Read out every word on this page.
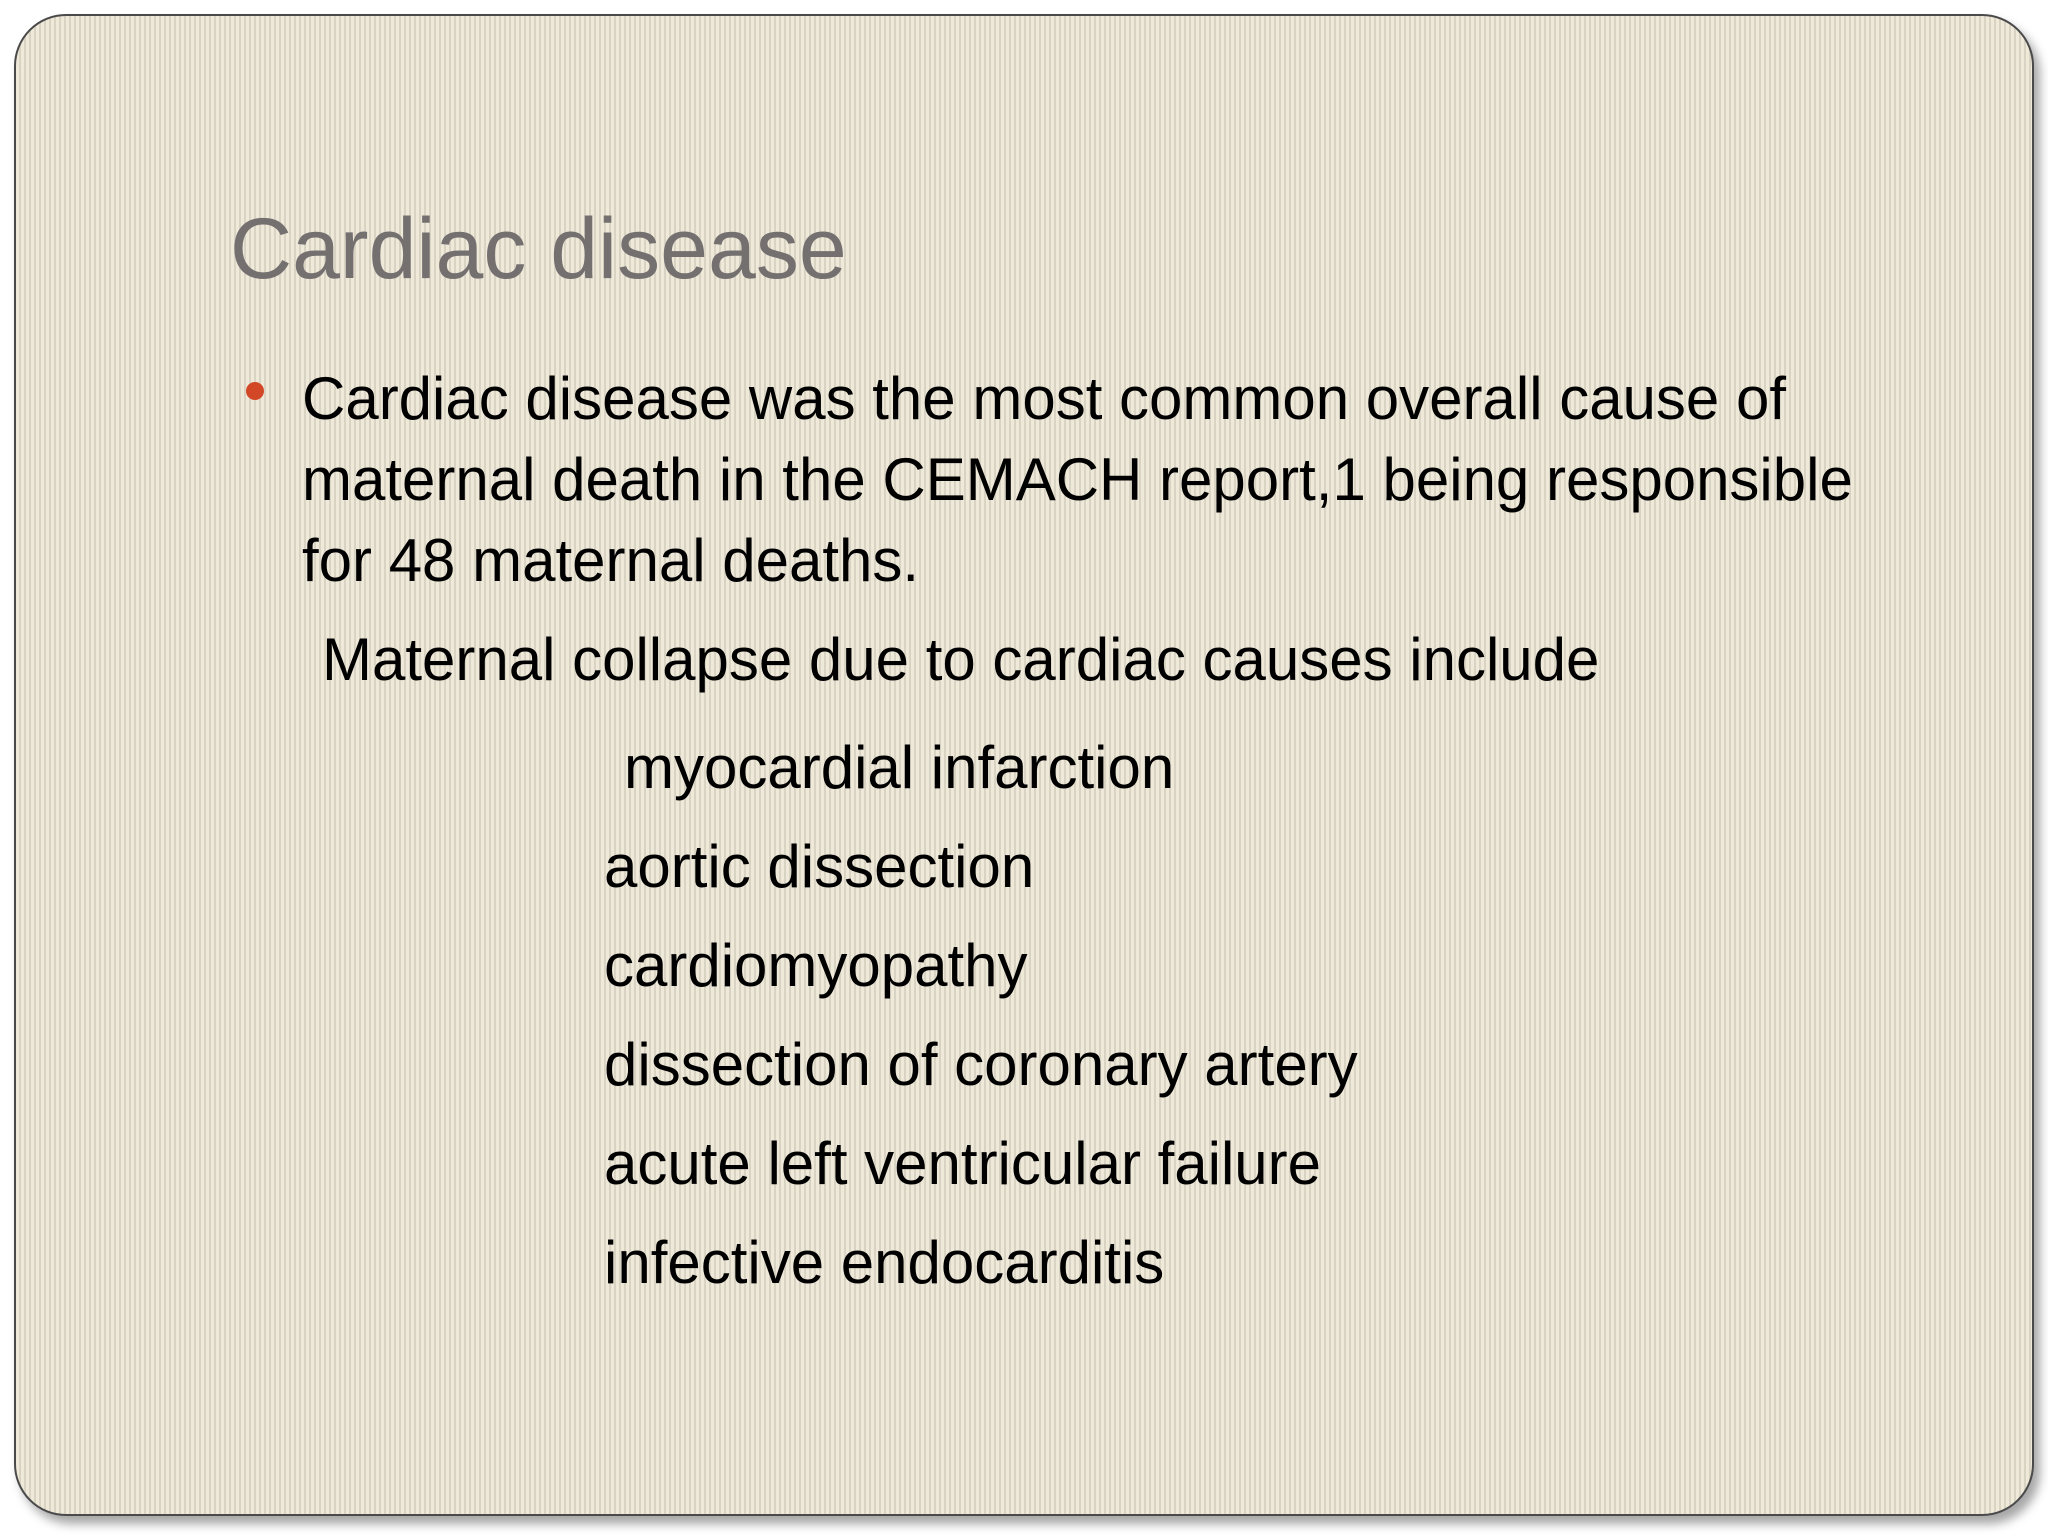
Cardiac disease

Cardiac disease was the most common overall cause of maternal death in the CEMACH report,1 being responsible for 48 maternal deaths.

Maternal collapse due to cardiac causes include
myocardial infarction
aortic dissection
cardiomyopathy
dissection of coronary artery
acute left ventricular failure
infective endocarditis
